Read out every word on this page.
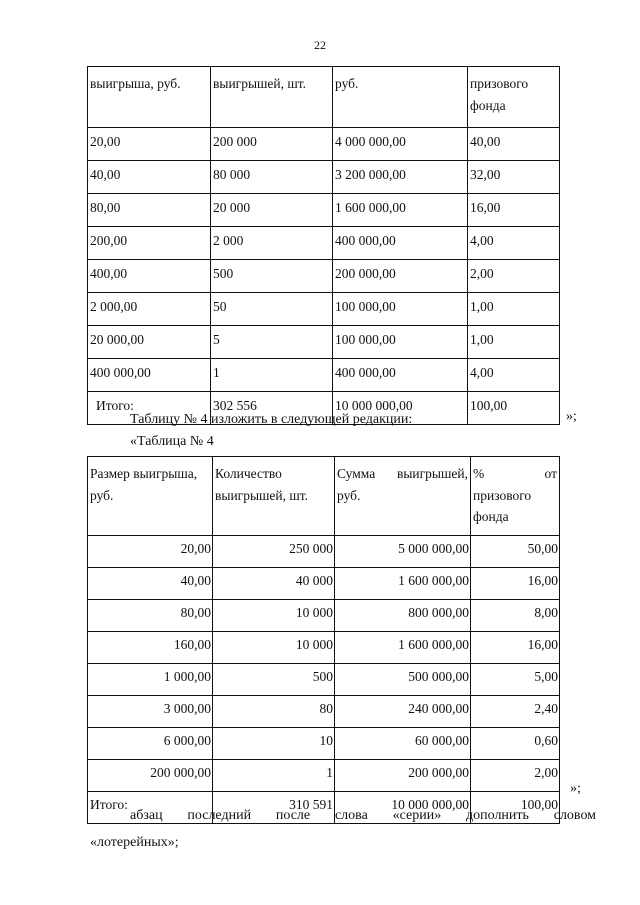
22
выигрыша, руб.	выигрышей, шт.	руб.	призового фонда
20,00	200 000	4 000 000,00	40,00
40,00	80 000	3 200 000,00	32,00
80,00	20 000	1 600 000,00	16,00
200,00	2 000	400 000,00	4,00
400,00	500	200 000,00	2,00
2 000,00	50	100 000,00	1,00
20 000,00	5	100 000,00	1,00
400 000,00	1	400 000,00	4,00
Итого:	302 556	10 000 000,00	100,00
»;
Таблицу № 4 изложить в следующей редакции:
«Таблица № 4
Размер выигрыша, руб.	Количество выигрышей, шт.	Сумма выигрышей, руб.	% от призового фонда
20,00	250 000	5 000 000,00	50,00
40,00	40 000	1 600 000,00	16,00
80,00	10 000	800 000,00	8,00
160,00	10 000	1 600 000,00	16,00
1 000,00	500	500 000,00	5,00
3 000,00	80	240 000,00	2,40
6 000,00	10	60 000,00	0,60
200 000,00	1	200 000,00	2,00
Итого:	310 591	10 000 000,00	100,00
»;
абзац последний после слова «серии» дополнить словом
«лотерейных»;
